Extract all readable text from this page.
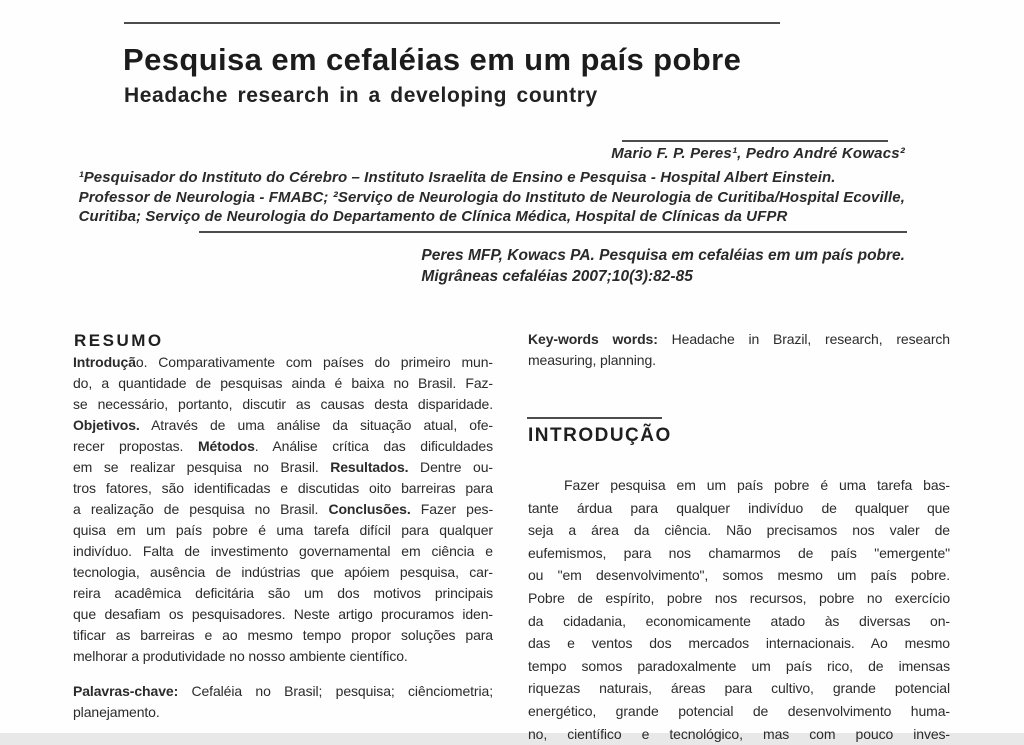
Pesquisa em cefaléias em um país pobre
Headache research in a developing country
Mario F. P. Peres¹, Pedro André Kowacs²
¹Pesquisador do Instituto do Cérebro – Instituto Israelita de Ensino e Pesquisa - Hospital Albert Einstein.
Professor de Neurologia - FMABC; ²Serviço de Neurologia do Instituto de Neurologia de Curitiba/Hospital Ecoville,
Curitiba; Serviço de Neurologia do Departamento de Clínica Médica, Hospital de Clínicas da UFPR
Peres MFP, Kowacs PA. Pesquisa em cefaléias em um país pobre.
Migrâneas cefaléias 2007;10(3):82-85
RESUMO
Introdução. Comparativamente com países do primeiro mun-
do, a quantidade de pesquisas ainda é baixa no Brasil. Faz-
se necessário, portanto, discutir as causas desta disparidade.
Objetivos. Através de uma análise da situação atual, ofe-
recer propostas. Métodos. Análise crítica das dificuldades
em se realizar pesquisa no Brasil. Resultados. Dentre ou-
tros fatores, são identificadas e discutidas oito barreiras para
a realização de pesquisa no Brasil. Conclusões. Fazer pes-
quisa em um país pobre é uma tarefa difícil para qualquer
indivíduo. Falta de investimento governamental em ciência e
tecnologia, ausência de indústrias que apóiem pesquisa, car-
reira acadêmica deficitária são um dos motivos principais
que desafiam os pesquisadores. Neste artigo procuramos iden-
tificar as barreiras e ao mesmo tempo propor soluções para
melhorar a produtividade no nosso ambiente científico.
Palavras-chave: Cefaléia no Brasil; pesquisa; ciênciometria;
planejamento.
Key-words words: Headache in Brazil, research, research
measuring, planning.
INTRODUÇÃO
Fazer pesquisa em um país pobre é uma tarefa bas-
tante árdua para qualquer indivíduo de qualquer que
seja a área da ciência. Não precisamos nos valer de
eufemismos, para nos chamarmos de país "emergente"
ou "em desenvolvimento", somos mesmo um país pobre.
Pobre de espírito, pobre nos recursos, pobre no exercício
da cidadania, economicamente atado às diversas on-
das e ventos dos mercados internacionais. Ao mesmo
tempo somos paradoxalmente um país rico, de imensas
riquezas naturais, áreas para cultivo, grande potencial
energético, grande potencial de desenvolvimento huma-
no, científico e tecnológico, mas com pouco inves-
